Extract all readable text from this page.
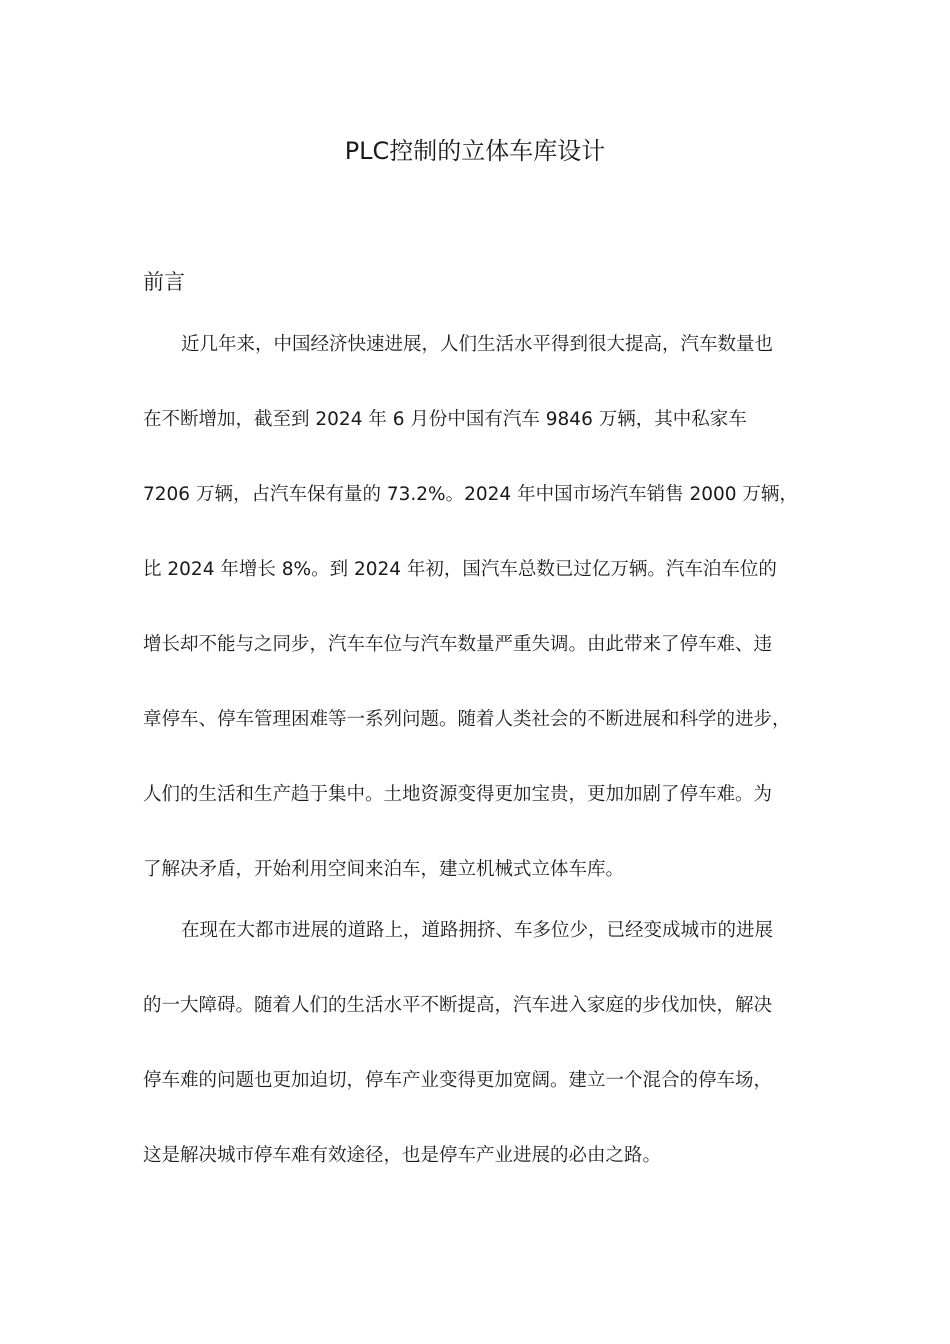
PLC控制的立体车库设计
前言
近几年来，中国经济快速进展，人们生活水平得到很大提高，汽车数量也
在不断增加，截至到 2024 年 6 月份中国有汽车 9846 万辆，其中私家车
7206 万辆，占汽车保有量的 73.2%。2024 年中国市场汽车销售 2000 万辆，
比 2024 年增长 8%。到 2024 年初，国汽车总数已过亿万辆。汽车泊车位的
增长却不能与之同步，汽车车位与汽车数量严重失调。由此带来了停车难、违
章停车、停车管理困难等一系列问题。随着人类社会的不断进展和科学的进步，
人们的生活和生产趋于集中。土地资源变得更加宝贵，更加加剧了停车难。为
了解决矛盾，开始利用空间来泊车，建立机械式立体车库。
在现在大都市进展的道路上，道路拥挤、车多位少，已经变成城市的进展
的一大障碍。随着人们的生活水平不断提高，汽车进入家庭的步伐加快，解决
停车难的问题也更加迫切，停车产业变得更加宽阔。建立一个混合的停车场，
这是解决城市停车难有效途径，也是停车产业进展的必由之路。
